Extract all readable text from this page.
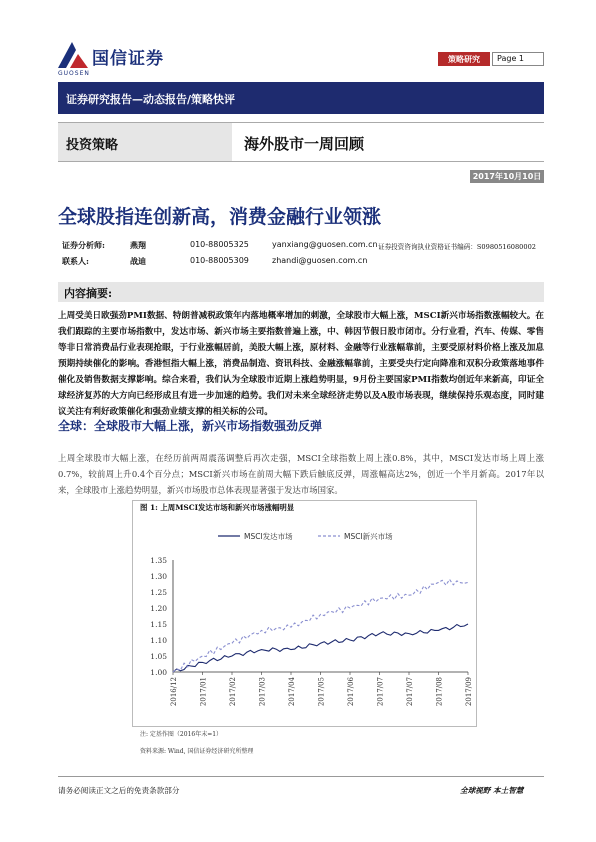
国信证券
GUOSEN
策略研究	Page 1
证券研究报告—动态报告/策略快评
投资策略	海外股市一周回顾
2017年10月10日
全球股指连创新高，消费金融行业领涨
证券分析师:	燕翔	010-88005325	yanxiang@guosen.com.cn 证券投资咨询执业资格证书编码：S0980516080002
联系人:	战迪	010-88005309	zhandi@guosen.com.cn
内容摘要:
上周受美日欧强劲PMI数据、特朗普减税政策年内落地概率增加的刺激，全球股市大幅上涨，MSCI新兴市场指数涨幅较大。在我们跟踪的主要市场指数中，发达市场、新兴市场主要指数普遍上涨，中、韩因节假日股市闭市。分行业看，汽车、传媒、零售等非日常消费品行业表现抢眼，于行业涨幅居前，美股大幅上涨，原材料、金融等行业涨幅靠前，主要受原材料价格上涨及加息预期持续催化的影响。香港恒指大幅上涨，消费品制造、资讯科技、金融涨幅靠前，主要受央行定向降准和双积分政策落地事件催化及销售数据支撑影响。综合来看，我们认为全球股市近期上涨趋势明显，9月份主要国家PMI指数均创近年来新高，印证全球经济复苏的大方向已经形成且有进一步加速的趋势。我们对未来全球经济走势以及A股市场表现，继续保持乐观态度，同时建议关注有利好政策催化和强劲业绩支撑的相关标的公司。
全球：全球股市大幅上涨，新兴市场指数强劲反弹
上周全球股市大幅上涨，在经历前两周震荡调整后再次走强，MSCI全球指数上周上涨0.8%，其中，MSCI发达市场上周上涨0.7%，较前周上升0.4个百分点；MSCI新兴市场在前周大幅下跌后触底反弹，周涨幅高达2%，创近一个半月新高。2017年以来，全球股市上涨趋势明显，新兴市场股市总体表现显著强于发达市场国家。
图 1: 上周MSCI发达市场和新兴市场涨幅明显
MSCI发达市场	MSCI新兴市场
1.35
1.30
1.25
1.20
1.15
1.10
1.05
1.00
2016/12	2017/01	2017/02	2017/03	2017/04	2017/05	2017/06	2017/07	2017/07	2017/08	2017/09
注: 定基作图（2016年末=1）
资料来源: Wind, 国信证券经济研究所整理
请务必阅读正文之后的免责条款部分	全球视野 本土智慧
